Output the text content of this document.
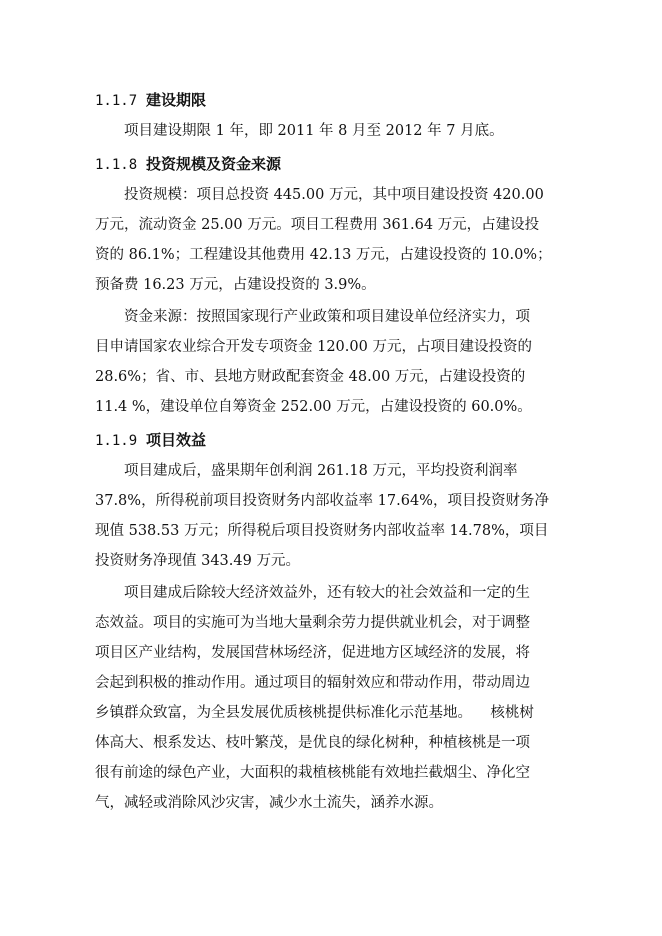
1.1.7 建设期限
项目建设期限 1 年，即 2011 年 8 月至 2012 年 7 月底。
1.1.8 投资规模及资金来源
投资规模：项目总投资 445.00 万元，其中项目建设投资 420.00
万元，流动资金 25.00 万元。项目工程费用 361.64 万元，占建设投
资的 86.1%；工程建设其他费用 42.13 万元，占建设投资的 10.0%；
预备费 16.23 万元，占建设投资的 3.9%。
资金来源：按照国家现行产业政策和项目建设单位经济实力，项
目申请国家农业综合开发专项资金 120.00 万元，占项目建设投资的
28.6%；省、市、县地方财政配套资金 48.00 万元，占建设投资的
11.4 %，建设单位自筹资金 252.00 万元，占建设投资的 60.0%。
1.1.9 项目效益
项目建成后，盛果期年创利润 261.18 万元，平均投资利润率
37.8%，所得税前项目投资财务内部收益率 17.64%，项目投资财务净
现值 538.53 万元；所得税后项目投资财务内部收益率 14.78%，项目
投资财务净现值 343.49 万元。
项目建成后除较大经济效益外，还有较大的社会效益和一定的生
态效益。项目的实施可为当地大量剩余劳力提供就业机会，对于调整
项目区产业结构，发展国营林场经济，促进地方区域经济的发展，将
会起到积极的推动作用。通过项目的辐射效应和带动作用，带动周边
乡镇群众致富，为全县发展优质核桃提供标准化示范基地。    核桃树
体高大、根系发达、枝叶繁茂，是优良的绿化树种，种植核桃是一项
很有前途的绿色产业，大面积的栽植核桃能有效地拦截烟尘、净化空
气，减轻或消除风沙灾害，减少水土流失，涵养水源。
